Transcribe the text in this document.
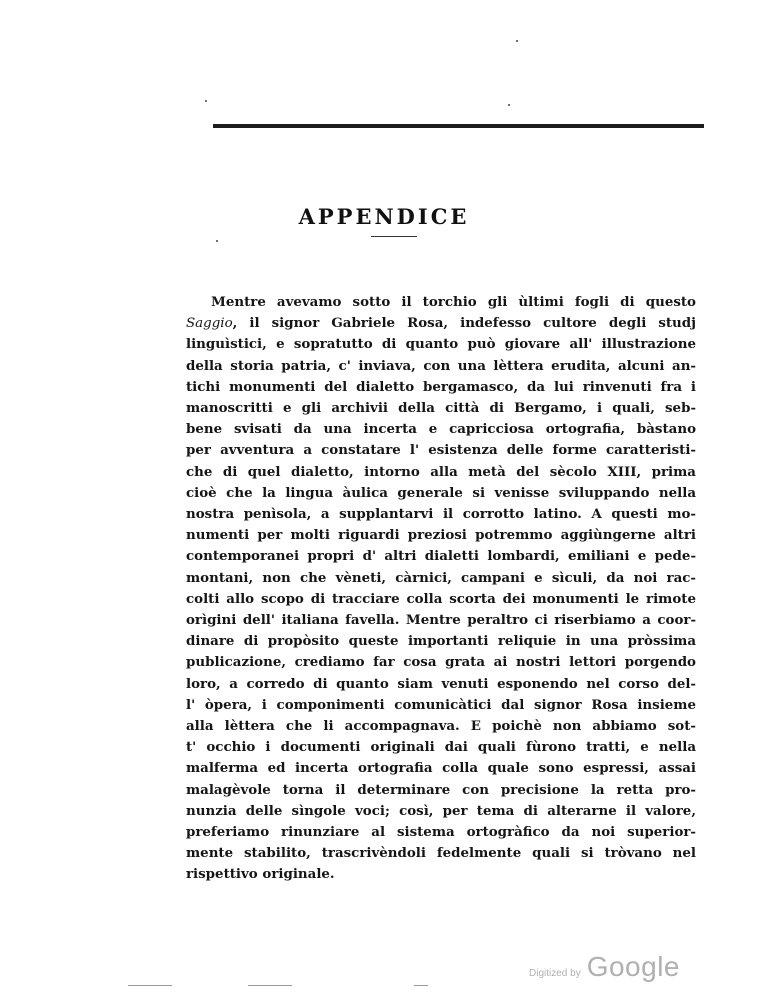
APPENDICE
Mentre avevamo sotto il torchio gli ùltimi fogli di questo
Saggio, il signor Gabriele Rosa, indefesso cultore degli studj
linguìstici, e sopratutto di quanto può giovare all' illustrazione
della storia patria, c' inviava, con una lèttera erudita, alcuni an-
tichi monumenti del dialetto bergamasco, da lui rinvenuti fra i
manoscritti e gli archivii della città di Bergamo, i quali, seb-
bene svisati da una incerta e capricciosa ortografia, bàstano
per avventura a constatare l' esistenza delle forme caratteristi-
che di quel dialetto, intorno alla metà del sècolo XIII, prima
cioè che la lingua àulica generale si venisse sviluppando nella
nostra penìsola, a supplantarvi il corrotto latino. A questi mo-
numenti per molti riguardi preziosi potremmo aggiùngerne altri
contemporanei propri d' altri dialetti lombardi, emiliani e pede-
montani, non che vèneti, càrnici, campani e sìculi, da noi rac-
colti allo scopo di tracciare colla scorta dei monumenti le rimote
orìgini dell' italiana favella. Mentre peraltro ci riserbiamo a coor-
dinare di propòsito queste importanti reliquie in una pròssima
publicazione, crediamo far cosa grata ai nostri lettori porgendo
loro, a corredo di quanto siam venuti esponendo nel corso del-
l' òpera, i componimenti comunicàtici dal signor Rosa insieme
alla lèttera che li accompagnava. E poichè non abbiamo sot-
t' occhio i documenti originali dai quali fùrono tratti, e nella
malferma ed incerta ortografia colla quale sono espressi, assai
malagèvole torna il determinare con precisione la retta pro-
nunzia delle sìngole voci; così, per tema di alterarne il valore,
preferiamo rinunziare al sistema ortogràfico da noi superior-
mente stabilito, trascrivèndoli fedelmente quali si tròvano nel
rispettivo originale.
Digitized by Google
